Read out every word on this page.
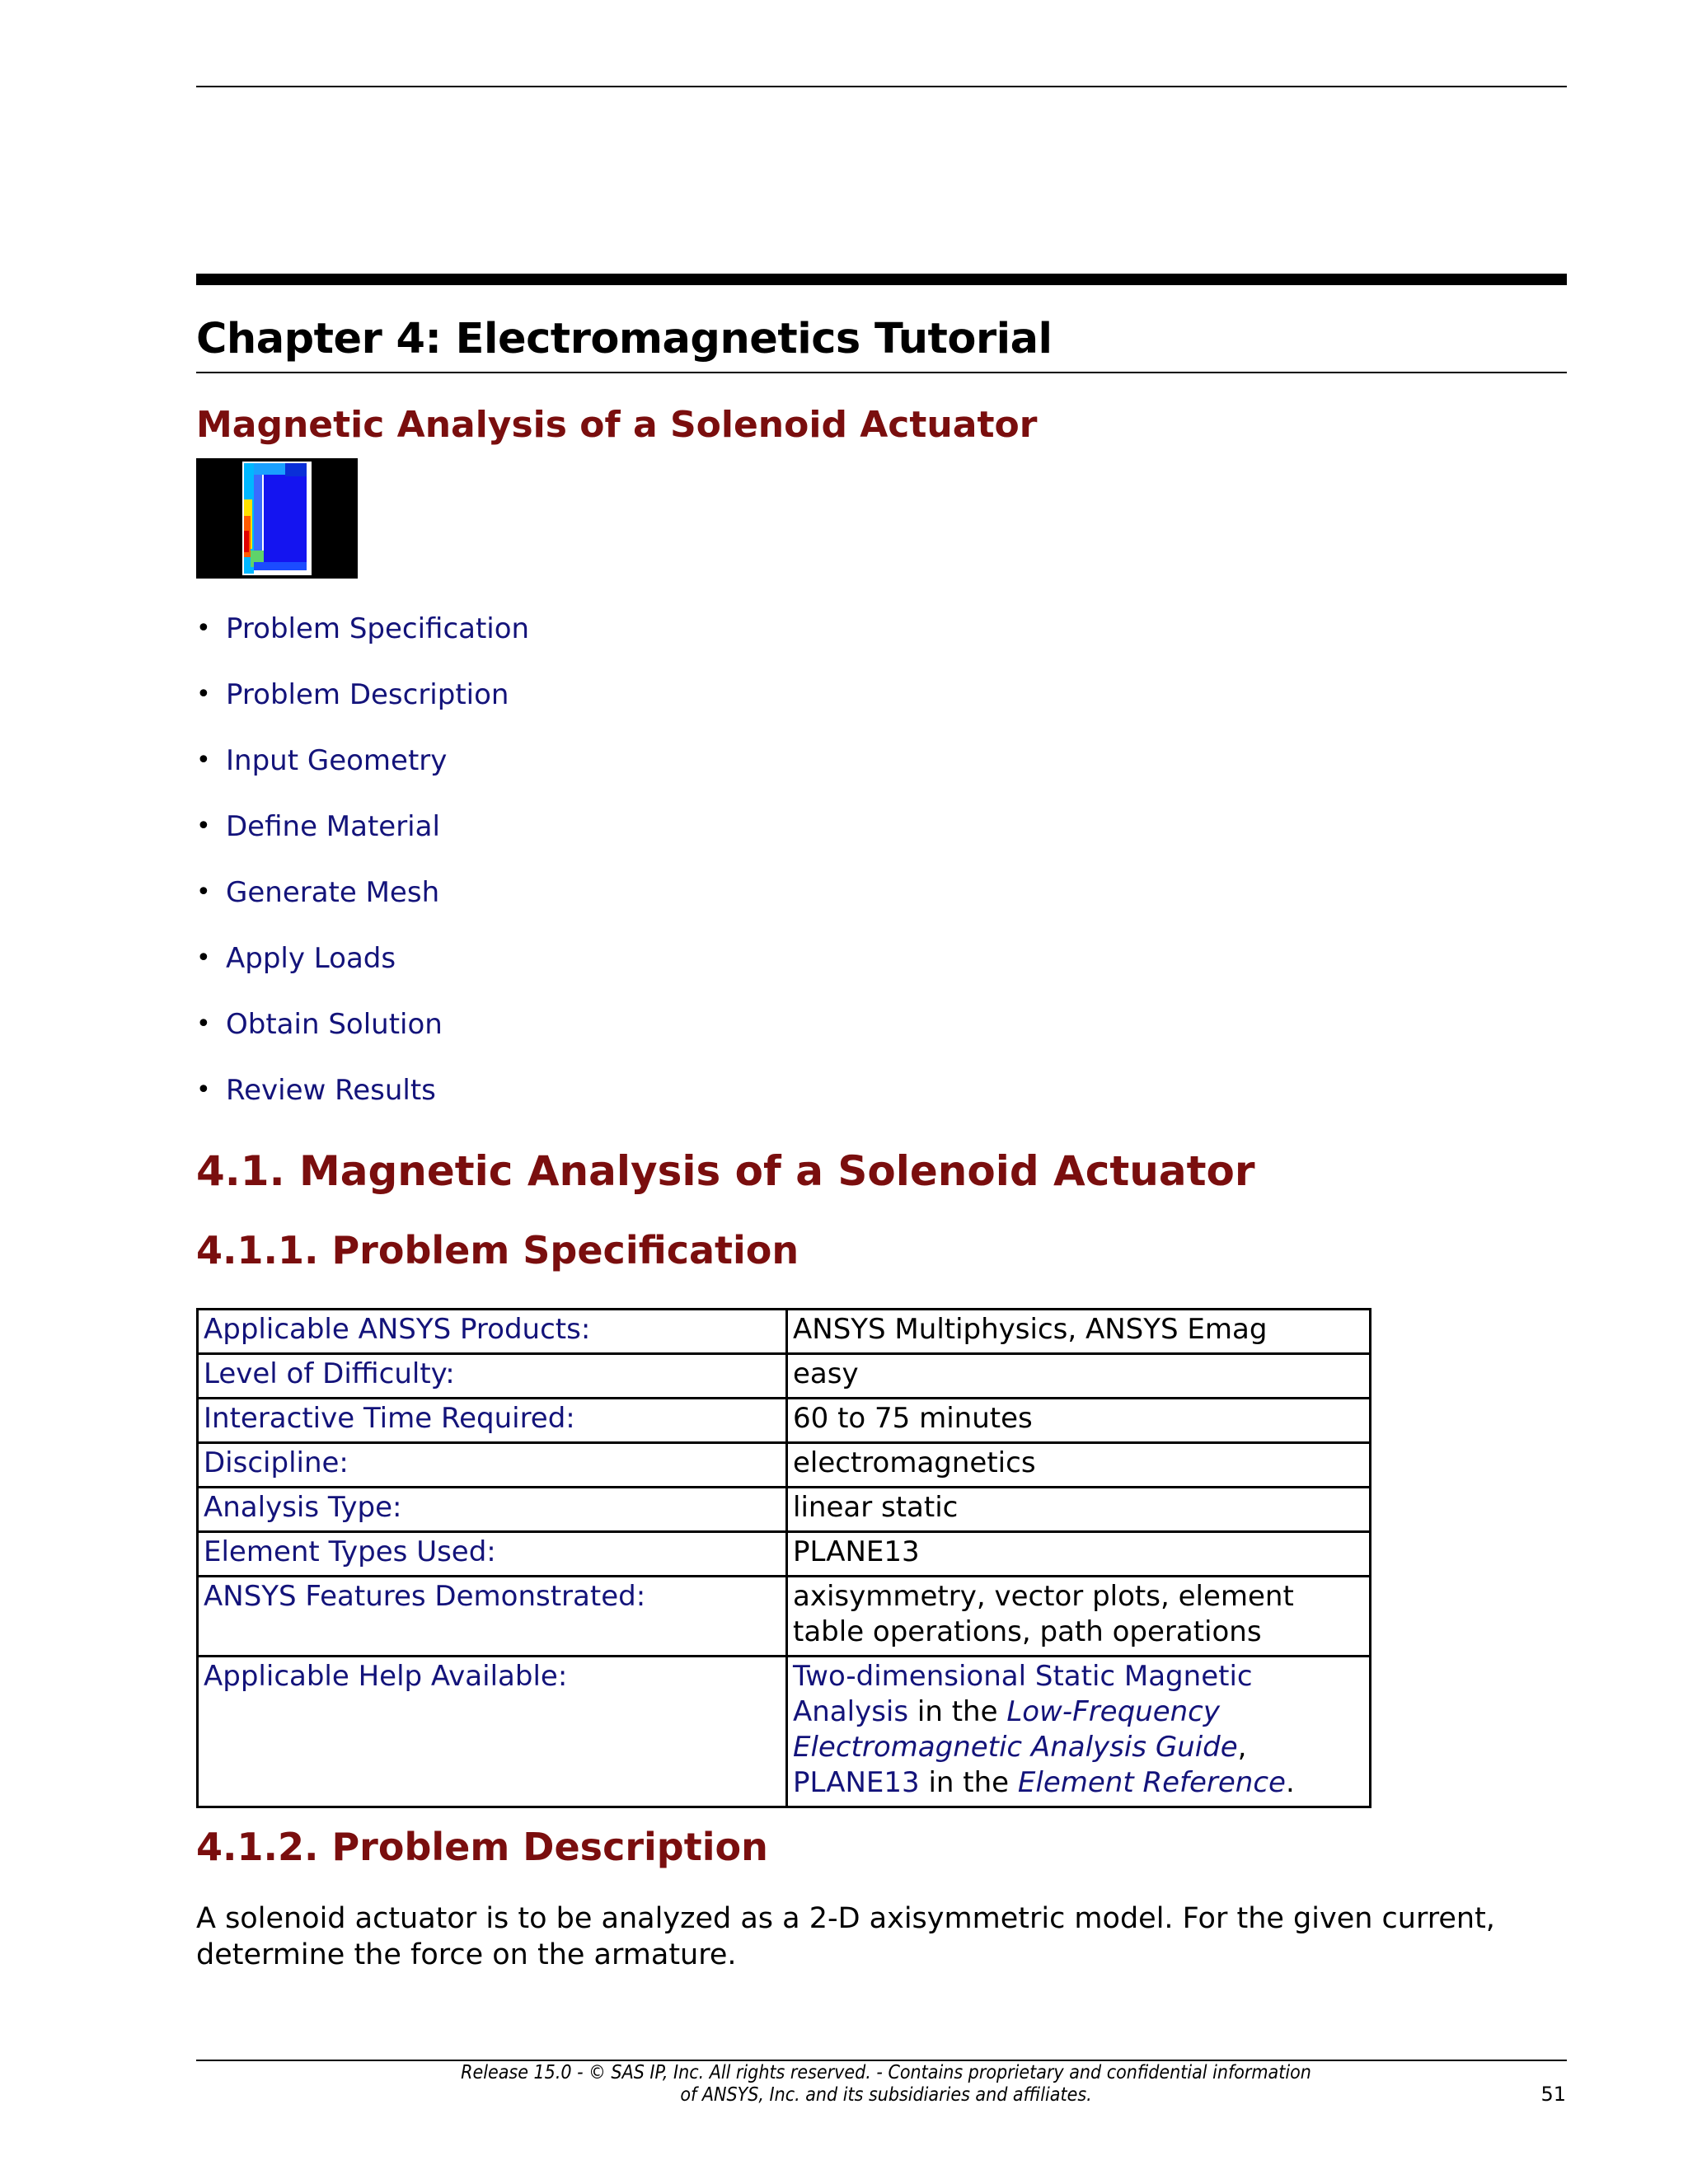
Chapter 4: Electromagnetics Tutorial
Magnetic Analysis of a Solenoid Actuator
• Problem Specification
• Problem Description
• Input Geometry
• Define Material
• Generate Mesh
• Apply Loads
• Obtain Solution
• Review Results
4.1. Magnetic Analysis of a Solenoid Actuator
4.1.1. Problem Specification
Applicable ANSYS Products:	ANSYS Multiphysics, ANSYS Emag
Level of Difficulty:	easy
Interactive Time Required:	60 to 75 minutes
Discipline:	electromagnetics
Analysis Type:	linear static
Element Types Used:	PLANE13
ANSYS Features Demonstrated:	axisymmetry, vector plots, element table operations, path operations
Applicable Help Available:	Two-dimensional Static Magnetic Analysis in the Low-Frequency Electromagnetic Analysis Guide, PLANE13 in the Element Reference.
4.1.2. Problem Description
A solenoid actuator is to be analyzed as a 2-D axisymmetric model. For the given current, determine the force on the armature.
Release 15.0 - © SAS IP, Inc. All rights reserved. - Contains proprietary and confidential information
of ANSYS, Inc. and its subsidiaries and affiliates.	51
